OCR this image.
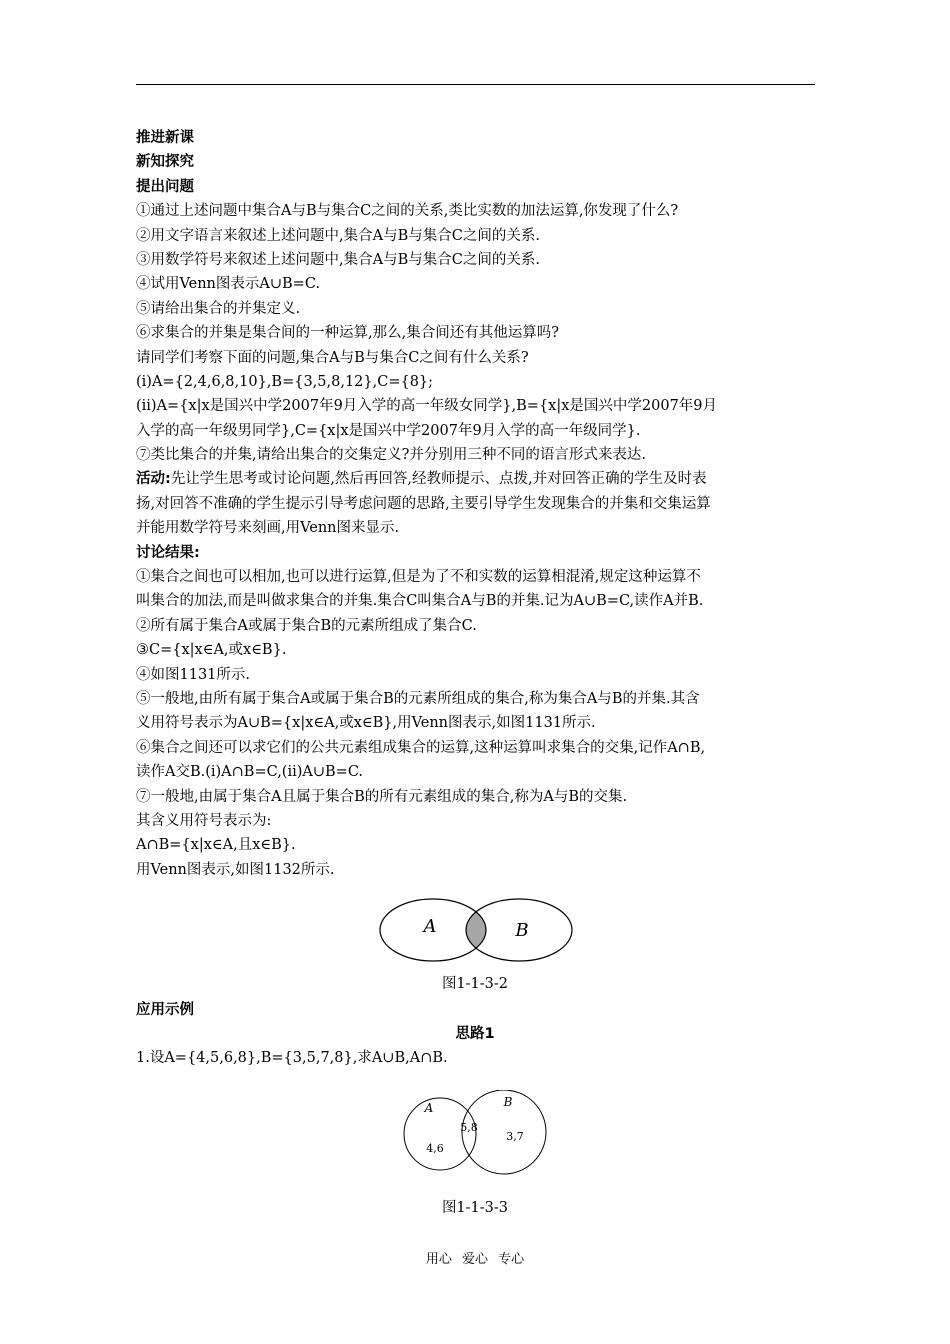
推进新课
新知探究
提出问题
①通过上述问题中集合A与B与集合C之间的关系,类比实数的加法运算,你发现了什么?
②用文字语言来叙述上述问题中,集合A与B与集合C之间的关系.
③用数学符号来叙述上述问题中,集合A与B与集合C之间的关系.
④试用Venn图表示A∪B=C.
⑤请给出集合的并集定义.
⑥求集合的并集是集合间的一种运算,那么,集合间还有其他运算吗?
请同学们考察下面的问题,集合A与B与集合C之间有什么关系?
(ⅰ)A={2,4,6,8,10},B={3,5,8,12},C={8};
(ⅱ)A={x|x是国兴中学2007年9月入学的高一年级女同学},B={x|x是国兴中学2007年9月
入学的高一年级男同学},C={x|x是国兴中学2007年9月入学的高一年级同学}.
⑦类比集合的并集,请给出集合的交集定义?并分别用三种不同的语言形式来表达.
活动:先让学生思考或讨论问题,然后再回答,经教师提示、点拨,并对回答正确的学生及时表
扬,对回答不准确的学生提示引导考虑问题的思路,主要引导学生发现集合的并集和交集运算
并能用数学符号来刻画,用Venn图来显示.
讨论结果:
①集合之间也可以相加,也可以进行运算,但是为了不和实数的运算相混淆,规定这种运算不
叫集合的加法,而是叫做求集合的并集.集合C叫集合A与B的并集.记为A∪B=C,读作A并B.
②所有属于集合A或属于集合B的元素所组成了集合C.
③C={x|x∈A,或x∈B}.
④如图1131所示.
⑤一般地,由所有属于集合A或属于集合B的元素所组成的集合,称为集合A与B的并集.其含
义用符号表示为A∪B={x|x∈A,或x∈B},用Venn图表示,如图1131所示.
⑥集合之间还可以求它们的公共元素组成集合的运算,这种运算叫求集合的交集,记作A∩B,
读作A交B.(ⅰ)A∩B=C,(ⅱ)A∪B=C.
⑦一般地,由属于集合A且属于集合B的所有元素组成的集合,称为A与B的交集.
其含义用符号表示为:
A∩B={x|x∈A,且x∈B}.
用Venn图表示,如图1132所示.
A	B
图1-1-3-2
应用示例
思路1
1.设A={4,5,6,8},B={3,5,7,8},求A∪B,A∩B.
A	B
5,8
4,6
3,7
图1-1-3-3
用心 爱心 专心
